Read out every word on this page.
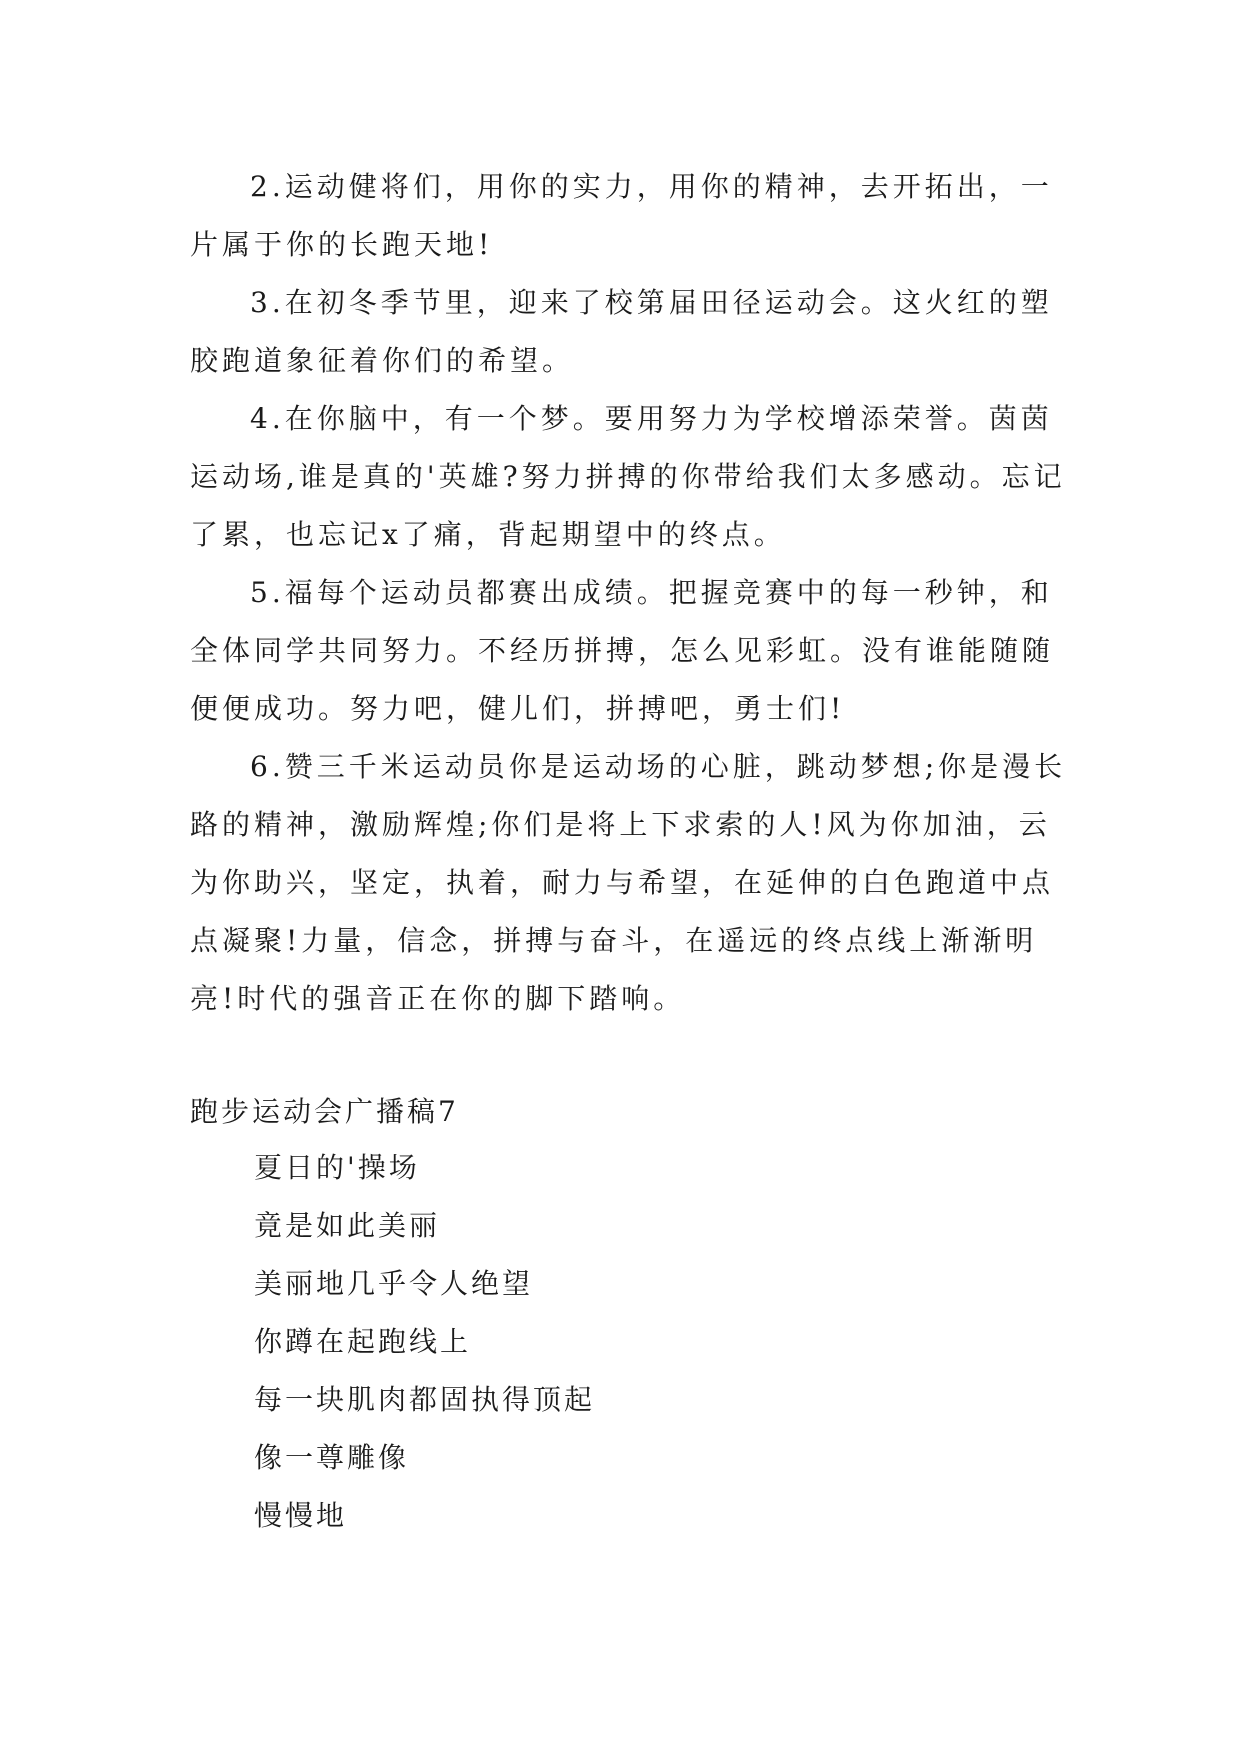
2.运动健将们，用你的实力，用你的精神，去开拓出，一片属于你的长跑天地!
3.在初冬季节里，迎来了校第届田径运动会。这火红的塑胶跑道象征着你们的希望。
4.在你脑中，有一个梦。要用努力为学校增添荣誉。茵茵运动场,谁是真的'英雄?努力拼搏的你带给我们太多感动。忘记了累，也忘记x了痛，背起期望中的终点。
5.福每个运动员都赛出成绩。把握竞赛中的每一秒钟，和全体同学共同努力。不经历拼搏，怎么见彩虹。没有谁能随随便便成功。努力吧，健儿们，拼搏吧，勇士们!
6.赞三千米运动员你是运动场的心脏，跳动梦想;你是漫长路的精神，激励辉煌;你们是将上下求索的人!风为你加油，云为你助兴，坚定，执着，耐力与希望，在延伸的白色跑道中点点凝聚!力量，信念，拼搏与奋斗，在遥远的终点线上渐渐明亮!时代的强音正在你的脚下踏响。
跑步运动会广播稿7
夏日的'操场
竟是如此美丽
美丽地几乎令人绝望
你蹲在起跑线上
每一块肌肉都固执得顶起
像一尊雕像
慢慢地
